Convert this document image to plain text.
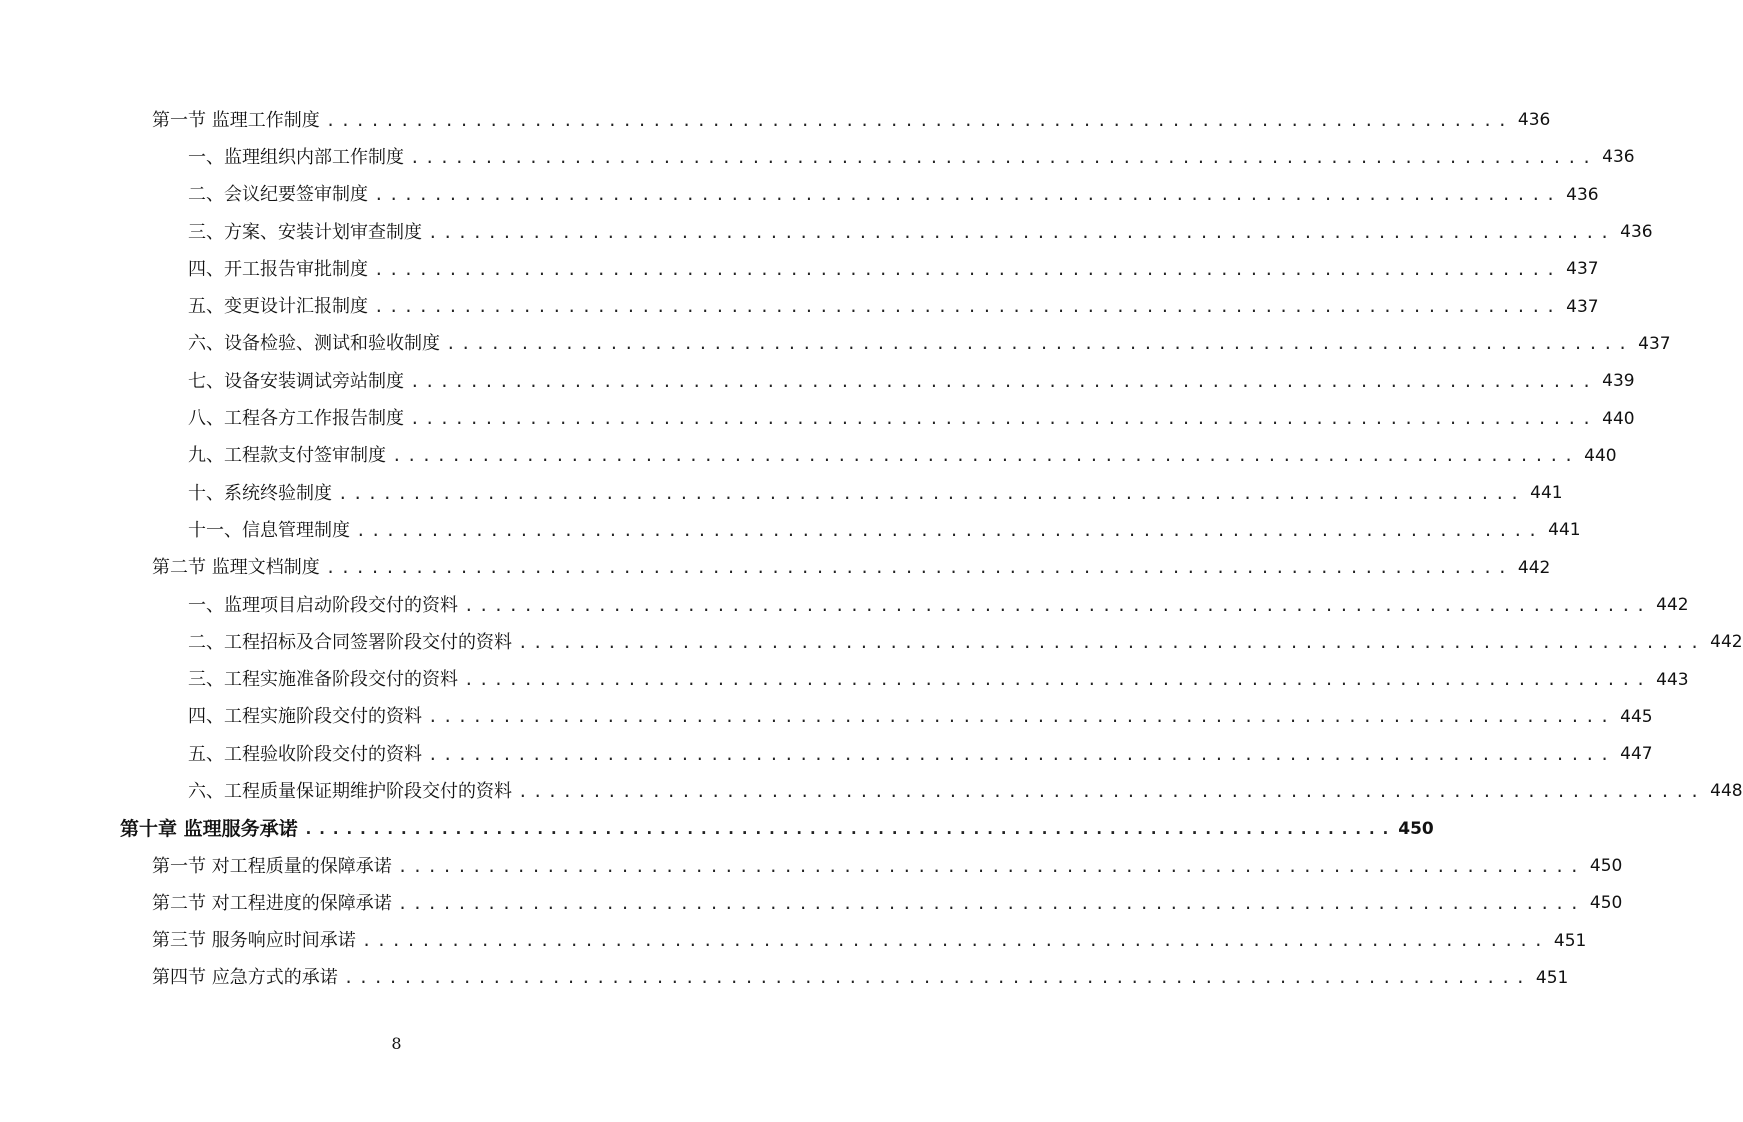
第一节 监理工作制度 ................................................................................ 436
一、监理组织内部工作制度 ................................................................................ 436
二、会议纪要签审制度 ................................................................................ 436
三、方案、安装计划审查制度 ................................................................................ 436
四、开工报告审批制度 ................................................................................ 437
五、变更设计汇报制度 ................................................................................ 437
六、设备检验、测试和验收制度 ................................................................................ 437
七、设备安装调试旁站制度 ................................................................................ 439
八、工程各方工作报告制度 ................................................................................ 440
九、工程款支付签审制度 ................................................................................ 440
十、系统终验制度 ................................................................................ 441
十一、信息管理制度 ................................................................................ 441
第二节 监理文档制度 ................................................................................ 442
一、监理项目启动阶段交付的资料 ................................................................................ 442
二、工程招标及合同签署阶段交付的资料 ................................................................................ 442
三、工程实施准备阶段交付的资料 ................................................................................ 443
四、工程实施阶段交付的资料 ................................................................................ 445
五、工程验收阶段交付的资料 ................................................................................ 447
六、工程质量保证期维护阶段交付的资料 ................................................................................ 448
第十章 监理服务承诺 ................................................................................ 450
第一节 对工程质量的保障承诺 ................................................................................ 450
第二节 对工程进度的保障承诺 ................................................................................ 450
第三节 服务响应时间承诺 ................................................................................ 451
第四节 应急方式的承诺 ................................................................................ 451
8
